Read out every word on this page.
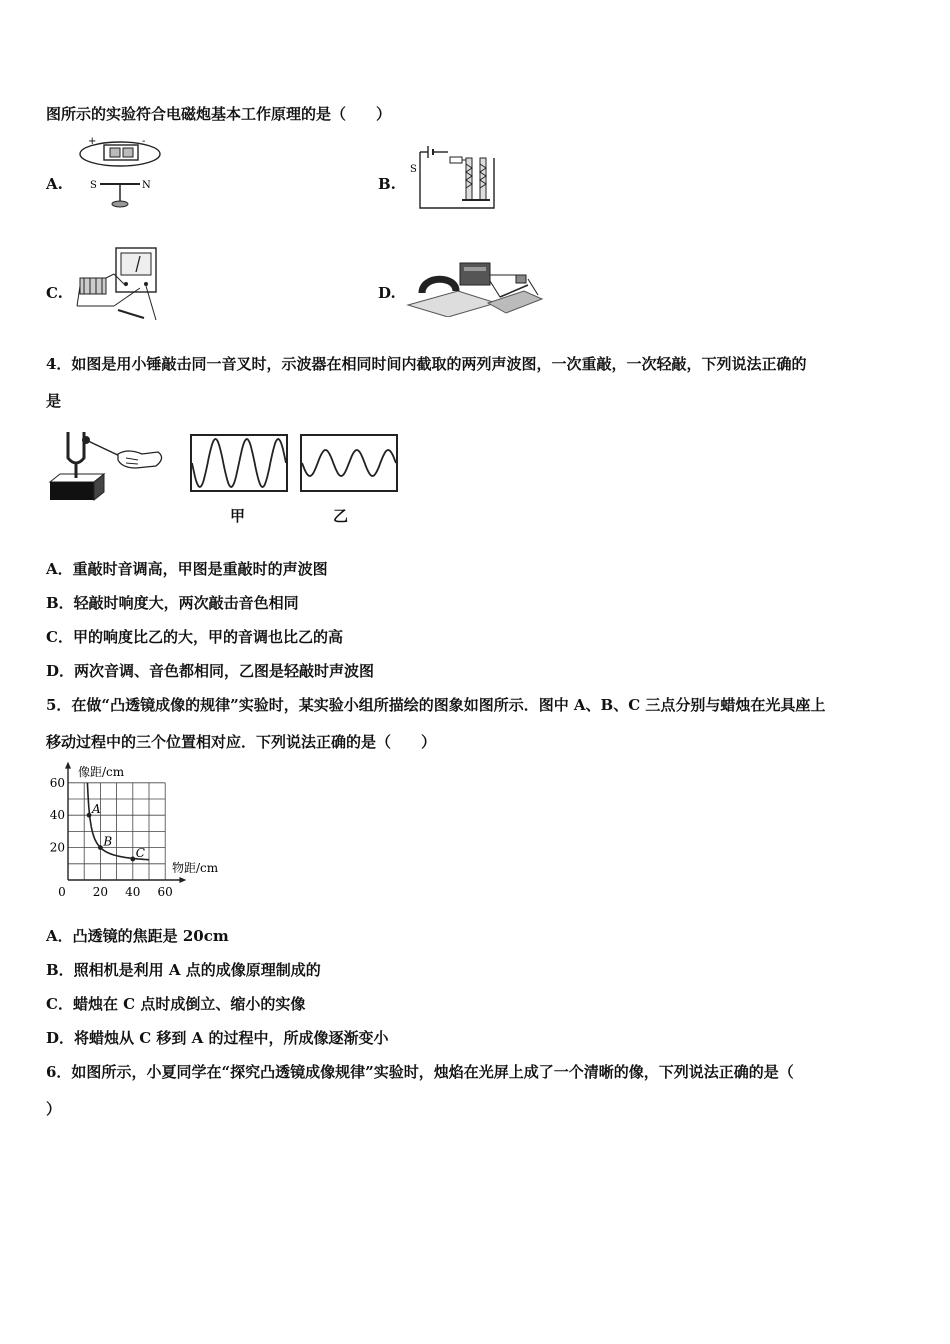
图所示的实验符合电磁炮基本工作原理的是（　　）
A.
+	-
S	N	B.
S
C.	D.
4．如图是用小锤敲击同一音叉时，示波器在相同时间内截取的两列声波图，一次重敲，一次轻敲，下列说法正确的
是
甲	乙
A．重敲时音调高，甲图是重敲时的声波图
B．轻敲时响度大，两次敲击音色相同
C．甲的响度比乙的大，甲的音调也比乙的高
D．两次音调、音色都相同，乙图是轻敲时声波图
5．在做“凸透镜成像的规律”实验时，某实验小组所描绘的图象如图所示．图中 A、B、C 三点分别与蜡烛在光具座上
移动过程中的三个位置相对应．下列说法正确的是（　　）
像距/cm
物距/cm
0 20 40 60
20
40
60
A
B
C
A．凸透镜的焦距是 20cm
B．照相机是利用 A 点的成像原理制成的
C．蜡烛在 C 点时成倒立、缩小的实像
D．将蜡烛从 C 移到 A 的过程中，所成像逐渐变小
6．如图所示，小夏同学在“探究凸透镜成像规律”实验时，烛焰在光屏上成了一个清晰的像，下列说法正确的是（
）
